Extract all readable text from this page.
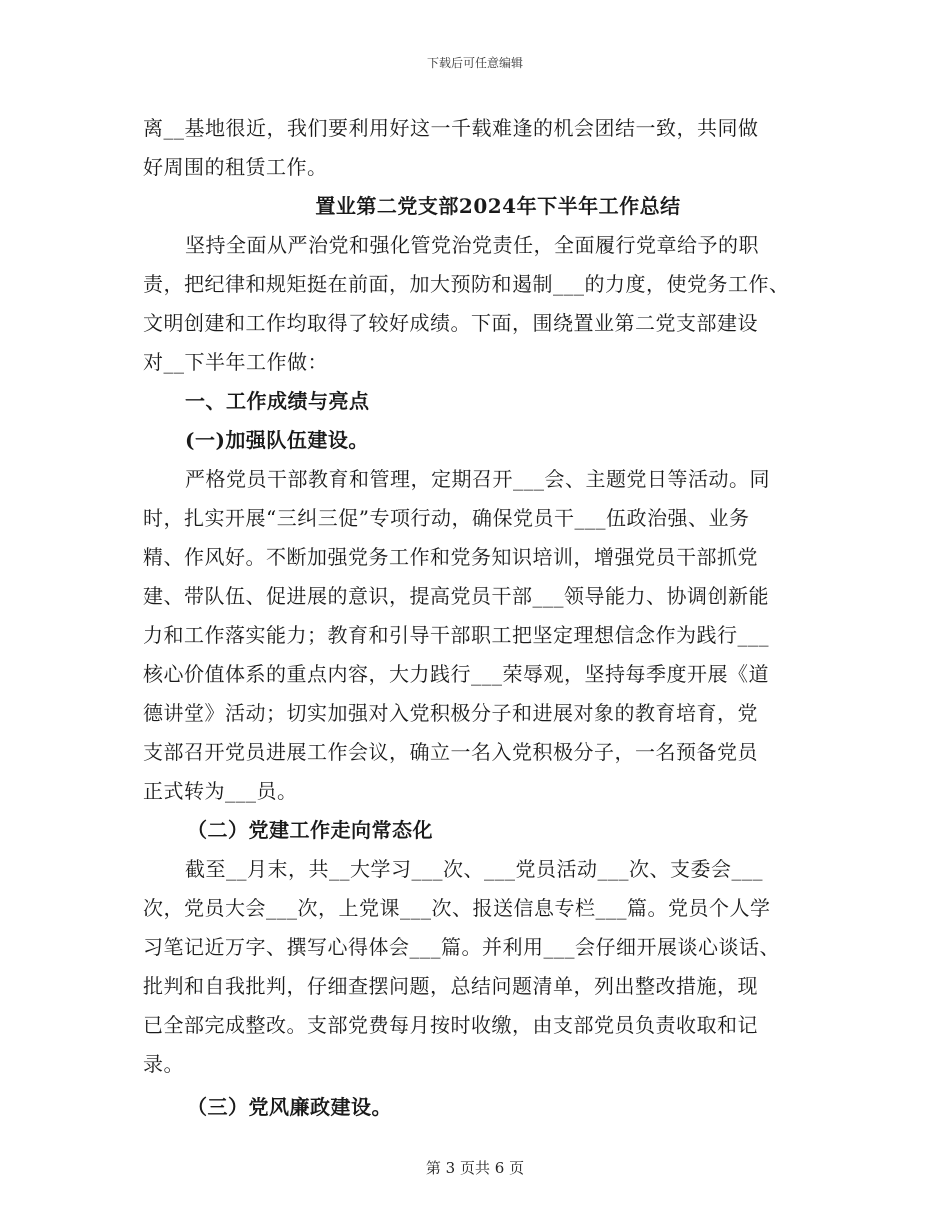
下载后可任意编辑
离__基地很近，我们要利用好这一千载难逢的机会团结一致，共同做
好周围的租赁工作。
置业第二党支部2024年下半年工作总结
坚持全面从严治党和强化管党治党责任，全面履行党章给予的职
责，把纪律和规矩挺在前面，加大预防和遏制___的力度，使党务工作、
文明创建和工作均取得了较好成绩。下面，围绕置业第二党支部建设
对__下半年工作做：
一、工作成绩与亮点
(一)加强队伍建设。
严格党员干部教育和管理，定期召开___会、主题党日等活动。同
时，扎实开展“三纠三促”专项行动，确保党员干___伍政治强、业务
精、作风好。不断加强党务工作和党务知识培训，增强党员干部抓党
建、带队伍、促进展的意识，提高党员干部___领导能力、协调创新能
力和工作落实能力；教育和引导干部职工把坚定理想信念作为践行___
核心价值体系的重点内容，大力践行___荣辱观，坚持每季度开展《道
德讲堂》活动；切实加强对入党积极分子和进展对象的教育培育，党
支部召开党员进展工作会议，确立一名入党积极分子，一名预备党员
正式转为___员。
（二）党建工作走向常态化
截至__月末，共__大学习___次、___党员活动___次、支委会___
次，党员大会___次，上党课___次、报送信息专栏___篇。党员个人学
习笔记近万字、撰写心得体会___篇。并利用___会仔细开展谈心谈话、
批判和自我批判，仔细查摆问题，总结问题清单，列出整改措施，现
已全部完成整改。支部党费每月按时收缴，由支部党员负责收取和记
录。
（三）党风廉政建设。
第 3 页共 6 页
